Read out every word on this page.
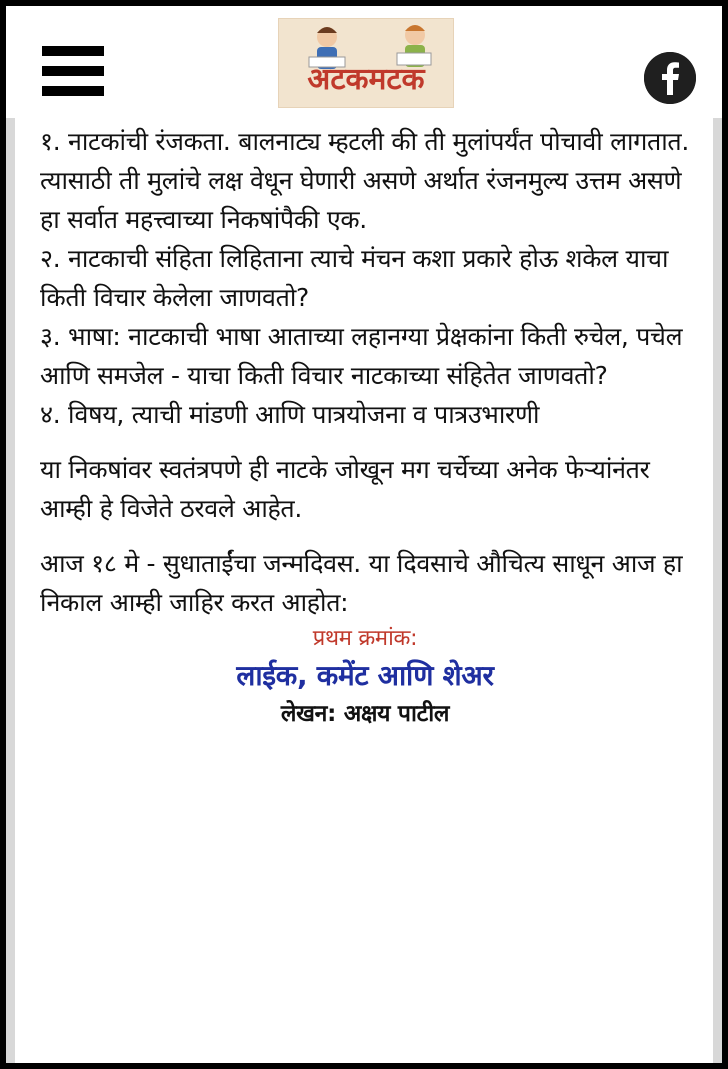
अटकमटक

१. नाटकांची रंजकता. बालनाट्य म्हटली की ती मुलांपर्यंत पोचावी लागतात. त्यासाठी ती मुलांचे लक्ष वेधून घेणारी असणे अर्थात रंजनमुल्य उत्तम असणे हा सर्वात महत्त्वाच्या निकषांपैकी एक.

२. नाटकाची संहिता लिहिताना त्याचे मंचन कशा प्रकारे होऊ शकेल याचा किती विचार केलेला जाणवतो?

३. भाषा: नाटकाची भाषा आताच्या लहानग्या प्रेक्षकांना किती रुचेल, पचेल आणि समजेल - याचा किती विचार नाटकाच्या संहितेत जाणवतो?

४. विषय, त्याची मांडणी आणि पात्रयोजना व पात्रउभारणी

या निकषांवर स्वतंत्रपणे ही नाटके जोखून मग चर्चेच्या अनेक फेऱ्यांनंतर आम्ही हे विजेते ठरवले आहेत.

आज १८ मे - सुधाताईंचा जन्मदिवस. या दिवसाचे औचित्य साधून आज हा निकाल आम्ही जाहिर करत आहोत:

प्रथम क्रमांक:

लाईक, कमेंट आणि शेअर

लेखन: अक्षय पाटील
